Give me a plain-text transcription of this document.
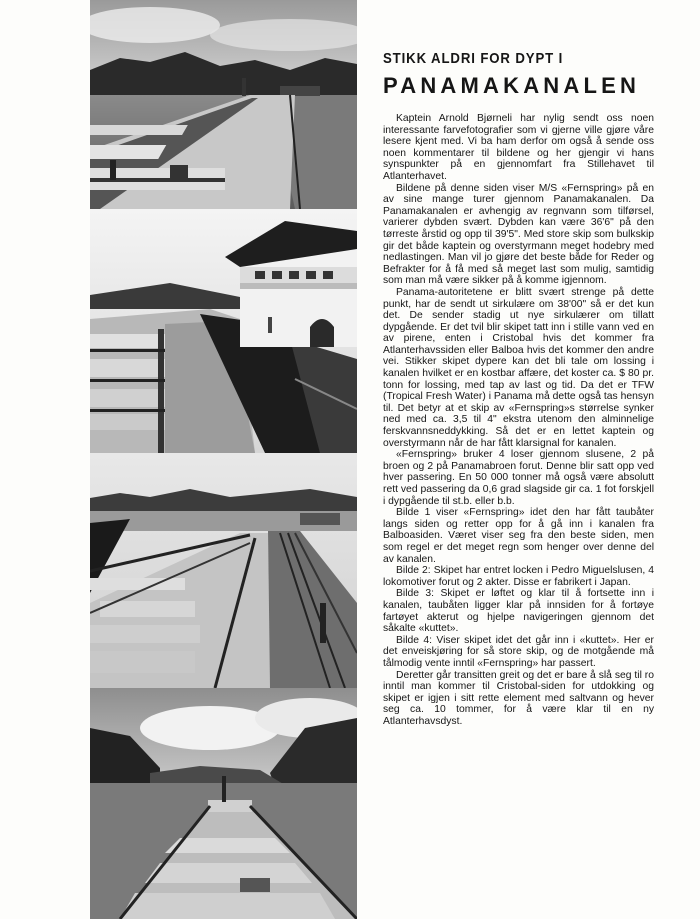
STIKK ALDRI FOR DYPT I
PANAMAKANALEN

Kaptein Arnold Bjørneli har nylig sendt oss noen interessante farvefotografier som vi gjerne ville gjøre våre lesere kjent med. Vi ba ham derfor om også å sende oss noen kommentarer til bildene og her gjengir vi hans synspunkter på en gjennomfart fra Stillehavet til Atlanterhavet.

Bildene på denne siden viser M/S «Fernspring» på en av sine mange turer gjennom Panamakanalen. Da Panamakanalen er avhengig av regnvann som tilførsel, varierer dybden svært. Dybden kan være 36'6" på den tørreste årstid og opp til 39'5". Med store skip som bulkskip gir det både kaptein og overstyrmann meget hodebry med nedlastingen. Man vil jo gjøre det beste både for Reder og Befrakter for å få med så meget last som mulig, samtidig som man må være sikker på å komme igjennom.

Panama-autoritetene er blitt svært strenge på dette punkt, har de sendt ut sirkulære om 38'00" så er det kun det. De sender stadig ut nye sirkulærer om tillatt dypgående. Er det tvil blir skipet tatt inn i stille vann ved en av pirene, enten i Cristobal hvis det kommer fra Atlanterhavssiden eller Balboa hvis det kommer den andre vei. Stikker skipet dypere kan det bli tale om lossing i kanalen hvilket er en kostbar affære, det koster ca. $ 80 pr. tonn for lossing, med tap av last og tid. Da det er TFW (Tropical Fresh Water) i Panama må dette også tas hensyn til. Det betyr at et skip av «Fernspring»s størrelse synker ned med ca. 3,5 til 4" ekstra utenom den alminnelige ferskvannsneddykking. Så det er en lettet kaptein og overstyrmann når de har fått klarsignal for kanalen.

«Fernspring» bruker 4 loser gjennom slusene, 2 på broen og 2 på Panamabroen forut. Denne blir satt opp ved hver passering. En 50 000 tonner må også være absolutt rett ved passering da 0,6 grad slagside gir ca. 1 fot forskjell i dypgående til st.b. eller b.b.

Bilde 1 viser «Fernspring» idet den har fått taubåter langs siden og retter opp for å gå inn i kanalen fra Balboasiden. Været viser seg fra den beste siden, men som regel er det meget regn som henger over denne del av kanalen.

Bilde 2: Skipet har entret locken i Pedro Miguelslusen, 4 lokomotiver forut og 2 akter. Disse er fabrikert i Japan.

Bilde 3: Skipet er løftet og klar til å fortsette inn i kanalen, taubåten ligger klar på innsiden for å fortøye fartøyet akterut og hjelpe navigeringen gjennom det såkalte «kuttet».

Bilde 4: Viser skipet idet det går inn i «kuttet». Her er det enveiskjøring for så store skip, og de motgående må tålmodig vente inntil «Fernspring» har passert.

Deretter går transitten greit og det er bare å slå seg til ro inntil man kommer til Cristobal-siden for utdokking og skipet er igjen i sitt rette element med saltvann og hever seg ca. 10 tommer, for å være klar til en ny Atlanterhavsdyst.
